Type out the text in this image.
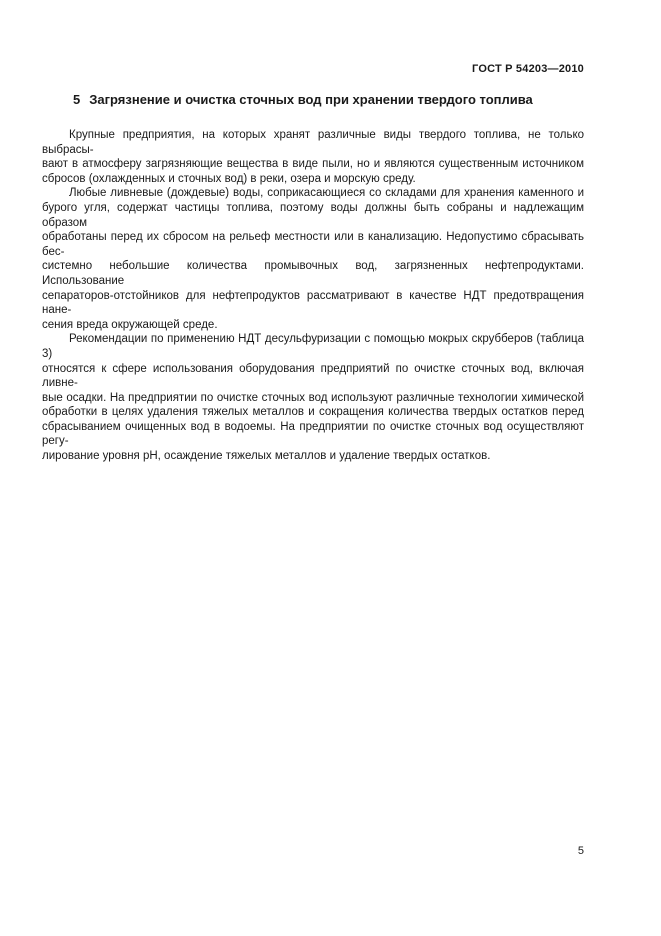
ГОСТ Р 54203—2010
5 Загрязнение и очистка сточных вод при хранении твердого топлива
Крупные предприятия, на которых хранят различные виды твердого топлива, не только выбрасы-
вают в атмосферу загрязняющие вещества в виде пыли, но и являются существенным источником
сбросов (охлажденных и сточных вод) в реки, озера и морскую среду.
Любые ливневые (дождевые) воды, соприкасающиеся со складами для хранения каменного и
бурого угля, содержат частицы топлива, поэтому воды должны быть собраны и надлежащим образом
обработаны перед их сбросом на рельеф местности или в канализацию. Недопустимо сбрасывать бес-
системно небольшие количества промывочных вод, загрязненных нефтепродуктами. Использование
сепараторов-отстойников для нефтепродуктов рассматривают в качестве НДТ предотвращения нане-
сения вреда окружающей среде.
Рекомендации по применению НДТ десульфуризации с помощью мокрых скрубберов (таблица 3)
относятся к сфере использования оборудования предприятий по очистке сточных вод, включая ливне-
вые осадки. На предприятии по очистке сточных вод используют различные технологии химической
обработки в целях удаления тяжелых металлов и сокращения количества твердых остатков перед
сбрасыванием очищенных вод в водоемы. На предприятии по очистке сточных вод осуществляют регу-
лирование уровня pH, осаждение тяжелых металлов и удаление твердых остатков.
5
